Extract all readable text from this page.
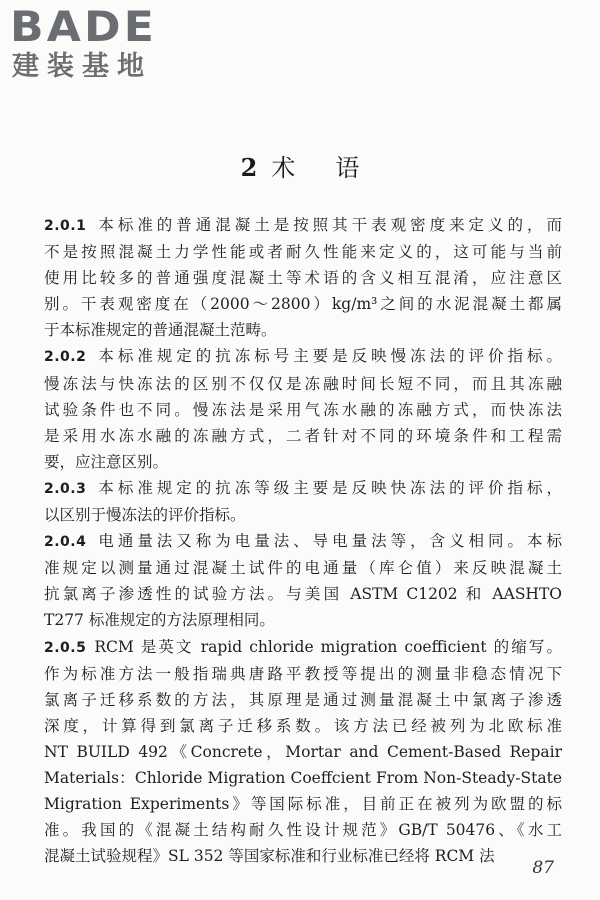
BADE
建装基地
2 术 语
2.0.1 本标准的普通混凝土是按照其干表观密度来定义的，而
不是按照混凝土力学性能或者耐久性能来定义的，这可能与当前
使用比较多的普通强度混凝土等术语的含义相互混淆，应注意区
别。干表观密度在（2000～2800）kg/m³之间的水泥混凝土都属
于本标准规定的普通混凝土范畴。
2.0.2 本标准规定的抗冻标号主要是反映慢冻法的评价指标。
慢冻法与快冻法的区别不仅仅是冻融时间长短不同，而且其冻融
试验条件也不同。慢冻法是采用气冻水融的冻融方式，而快冻法
是采用水冻水融的冻融方式，二者针对不同的环境条件和工程需
要，应注意区别。
2.0.3 本标准规定的抗冻等级主要是反映快冻法的评价指标，
以区别于慢冻法的评价指标。
2.0.4 电通量法又称为电量法、导电量法等，含义相同。本标
准规定以测量通过混凝土试件的电通量（库仑值）来反映混凝土
抗氯离子渗透性的试验方法。与美国 ASTM C1202 和 AASHTO
T277 标准规定的方法原理相同。
2.0.5 RCM 是英文 rapid chloride migration coefficient 的缩写。
作为标准方法一般指瑞典唐路平教授等提出的测量非稳态情况下
氯离子迁移系数的方法，其原理是通过测量混凝土中氯离子渗透
深度，计算得到氯离子迁移系数。该方法已经被列为北欧标准
NT BUILD 492《Concrete，Mortar and Cement-Based Repair
Materials：Chloride Migration Coeffcient From Non-Steady-State
Migration Experiments》等国际标准，目前正在被列为欧盟的标
准。我国的《混凝土结构耐久性设计规范》GB/T 50476、《水工
混凝土试验规程》SL 352 等国家标准和行业标准已经将 RCM 法
87
